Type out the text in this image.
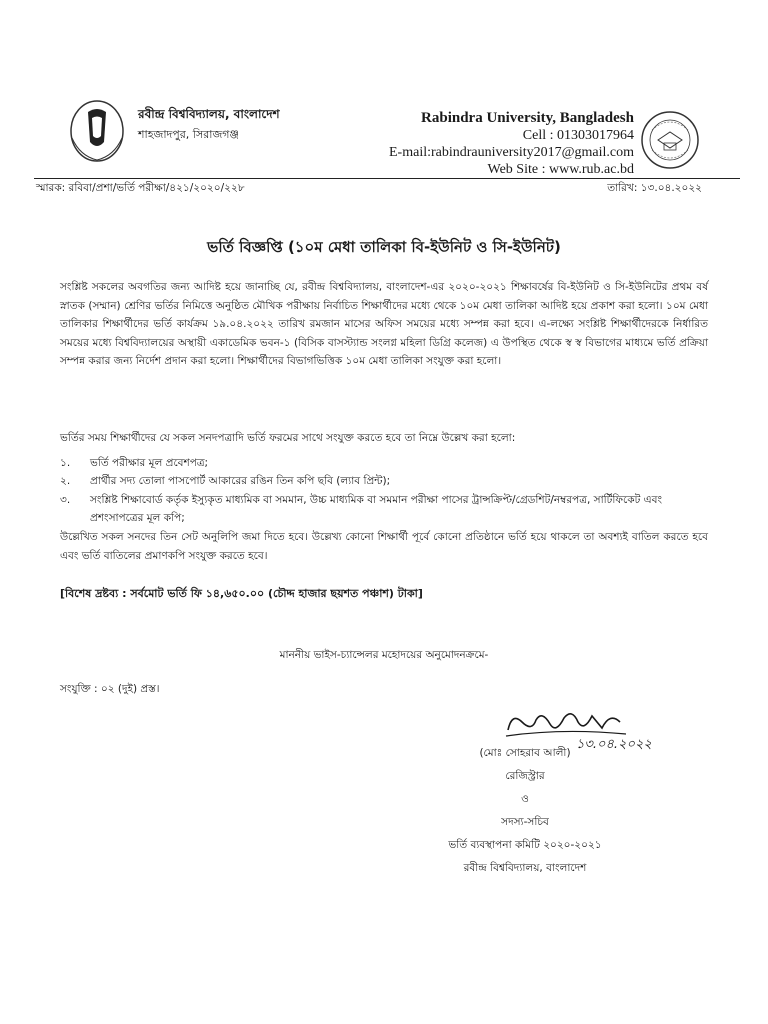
রবীন্দ্র বিশ্ববিদ্যালয়, বাংলাদেশ
শাহজাদপুর, সিরাজগঞ্জ
Rabindra University, Bangladesh
Cell : 01303017964
E-mail:rabindrauniversity2017@gmail.com
Web Site : www.rub.ac.bd
স্মারক: রবিবা/প্রশা/ভর্তি পরীক্ষা/৪২১/২০২০/২২৮	তারিখ: ১৩.০৪.২০২২
ভর্তি বিজ্ঞপ্তি (১০ম মেধা তালিকা বি-ইউনিট ও সি-ইউনিট)

সংশ্লিষ্ট সকলের অবগতির জন্য আদিষ্ট হয়ে জানাচ্ছি যে, রবীন্দ্র বিশ্ববিদ্যালয়, বাংলাদেশ-এর ২০২০-২০২১ শিক্ষাবর্ষের বি-ইউনিট ও সি-ইউনিটের প্রথম বর্ষ স্নাতক (সম্মান) শ্রেণির ভর্তির নিমিত্তে অনুষ্ঠিত মৌখিক পরীক্ষায় নির্বাচিত শিক্ষার্থীদের মধ্যে থেকে ১০ম মেধা তালিকা আদিষ্ট হয়ে প্রকাশ করা হলো। ১০ম মেধা তালিকার শিক্ষার্থীদের ভর্তি কার্যক্রম ১৯.০৪.২০২২ তারিখ রমজান মাসের অফিস সময়ের মধ্যে সম্পন্ন করা হবে। এ-লক্ষ্যে সংশ্লিষ্ট শিক্ষার্থীদেরকে নির্ধারিত সময়ের মধ্যে বিশ্ববিদ্যালয়ের অস্থায়ী একাডেমিক ভবন-১ (বিসিক বাসস্ট্যান্ড সংলগ্ন মহিলা ডিগ্রি কলেজ) এ উপস্থিত থেকে স্ব স্ব বিভাগের মাধ্যমে ভর্তি প্রক্রিয়া সম্পন্ন করার জন্য নির্দেশ প্রদান করা হলো। শিক্ষার্থীদের বিভাগভিত্তিক ১০ম মেধা তালিকা সংযুক্ত করা হলো।

ভর্তির সময় শিক্ষার্থীদের যে সকল সনদপত্রাদি ভর্তি ফরমের সাথে সংযুক্ত করতে হবে তা নিম্নে উল্লেখ করা হলো:

১. ভর্তি পরীক্ষার মূল প্রবেশপত্র;
২. প্রার্থীর সদ্য তোলা পাসপোর্ট আকারের রঙিন তিন কপি ছবি (ল্যাব প্রিন্ট);
৩. সংশ্লিষ্ট শিক্ষাবোর্ড কর্তৃক ইস্যুকৃত মাধ্যমিক বা সমমান, উচ্চ মাধ্যমিক বা সমমান পরীক্ষা পাসের ট্রান্সক্রিপ্ট/গ্রেডশিট/নম্বরপত্র, সার্টিফিকেট এবং প্রশংসাপত্রের মূল কপি;

উল্লেখিত সকল সনদের তিন সেট অনুলিপি জমা দিতে হবে। উল্লেখ্য কোনো শিক্ষার্থী পূর্বে কোনো প্রতিষ্ঠানে ভর্তি হয়ে থাকলে তা অবশ্যই বাতিল করতে হবে এবং ভর্তি বাতিলের প্রমাণকপি সংযুক্ত করতে হবে।

[বিশেষ দ্রষ্টব্য : সর্বমোট ভর্তি ফি ১৪,৬৫০.০০ (চৌদ্দ হাজার ছয়শত পঞ্চাশ) টাকা]
মাননীয় ভাইস-চ্যান্সেলর মহোদয়ের অনুমোদনক্রমে-
সংযুক্তি : ০২ (দুই) প্রস্ত।
১৩.০৪.২০২২
(মোঃ সোহরাব আলী)
রেজিস্ট্রার
ও
সদস্য-সচিব
ভর্তি ব্যবস্থাপনা কমিটি ২০২০-২০২১
রবীন্দ্র বিশ্ববিদ্যালয়, বাংলাদেশ
